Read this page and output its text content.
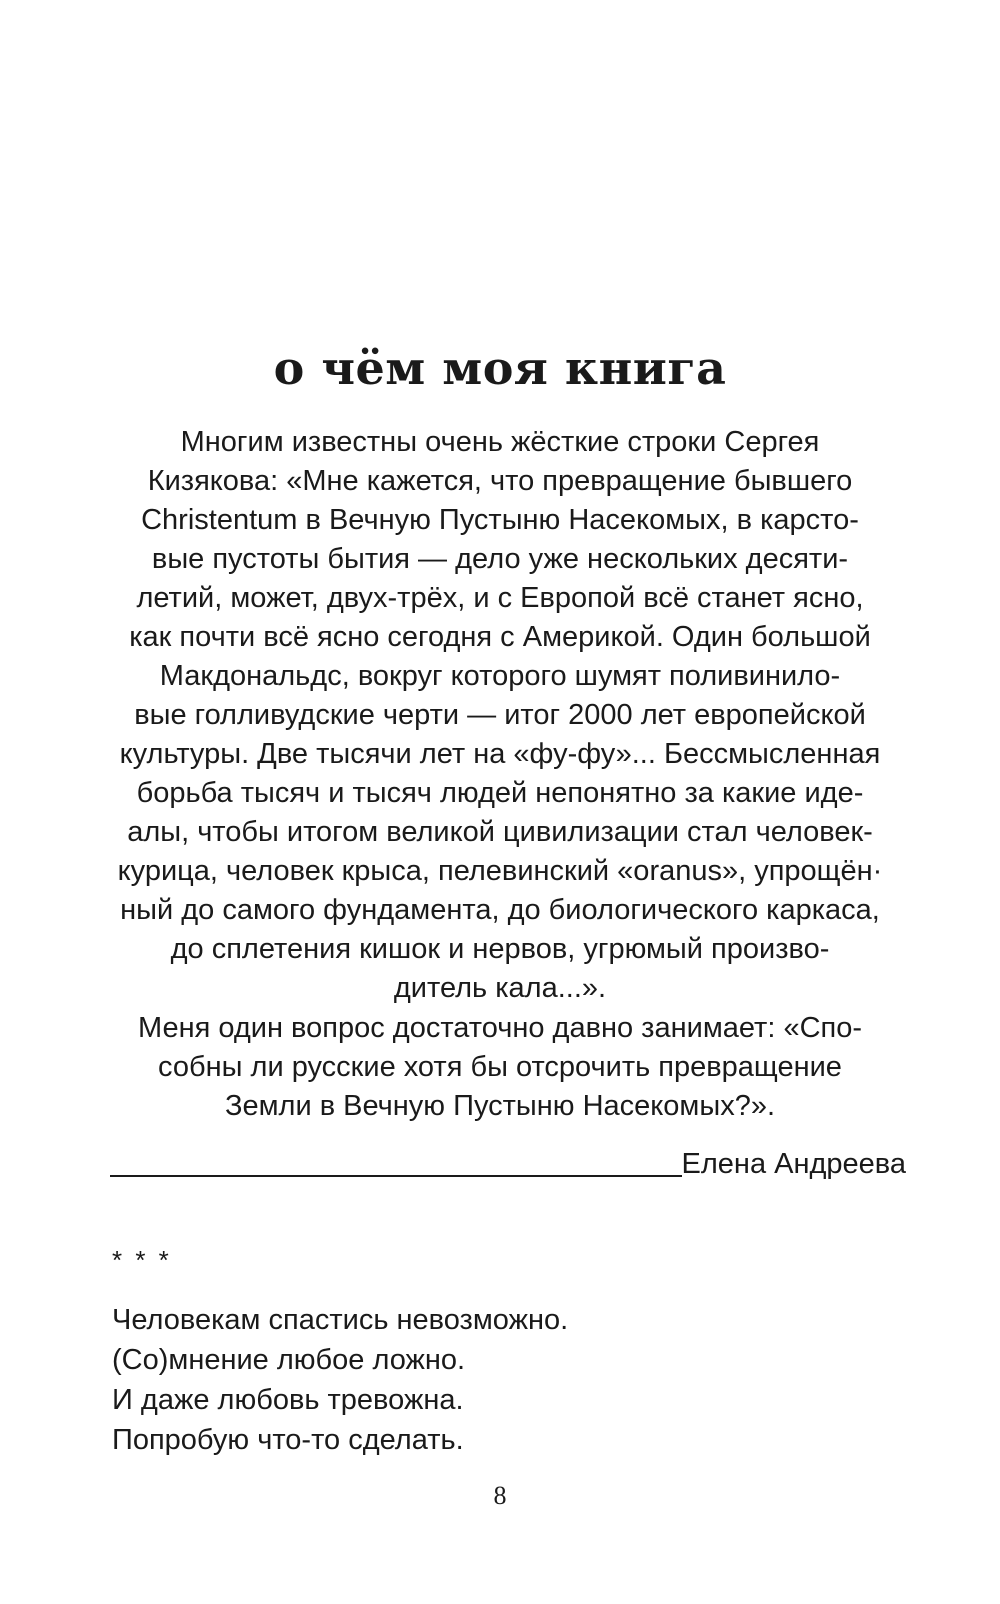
о чём моя книга
Многим известны очень жёсткие строки Сергея
Кизякова: «Мне кажется, что превращение бывшего
Christentum в Вечную Пустыню Насекомых, в карсто-
вые пустоты бытия — дело уже нескольких десяти-
летий, может, двух-трёх, и с Европой всё станет ясно,
как почти всё ясно сегодня с Америкой. Один большой
Макдональдс, вокруг которого шумят поливинило-
вые голливудские черти — итог 2000 лет европейской
культуры. Две тысячи лет на «фу-фу»... Бессмысленная
борьба тысяч и тысяч людей непонятно за какие иде-
алы, чтобы итогом великой цивилизации стал человек-
курица, человек крыса, пелевинский «oranus», упрощён·
ный до самого фундамента, до биологического каркаса,
до сплетения кишок и нервов, угрюмый произво-
дитель кала...».
Меня один вопрос достаточно давно занимает: «Спо-
собны ли русские хотя бы отсрочить превращение
Земли в Вечную Пустыню Насекомых?».
Елена Андреева
* * *
Человекам спастись невозможно.
(Со)мнение любое ложно.
И даже любовь тревожна.
Попробую что-то сделать.
8
